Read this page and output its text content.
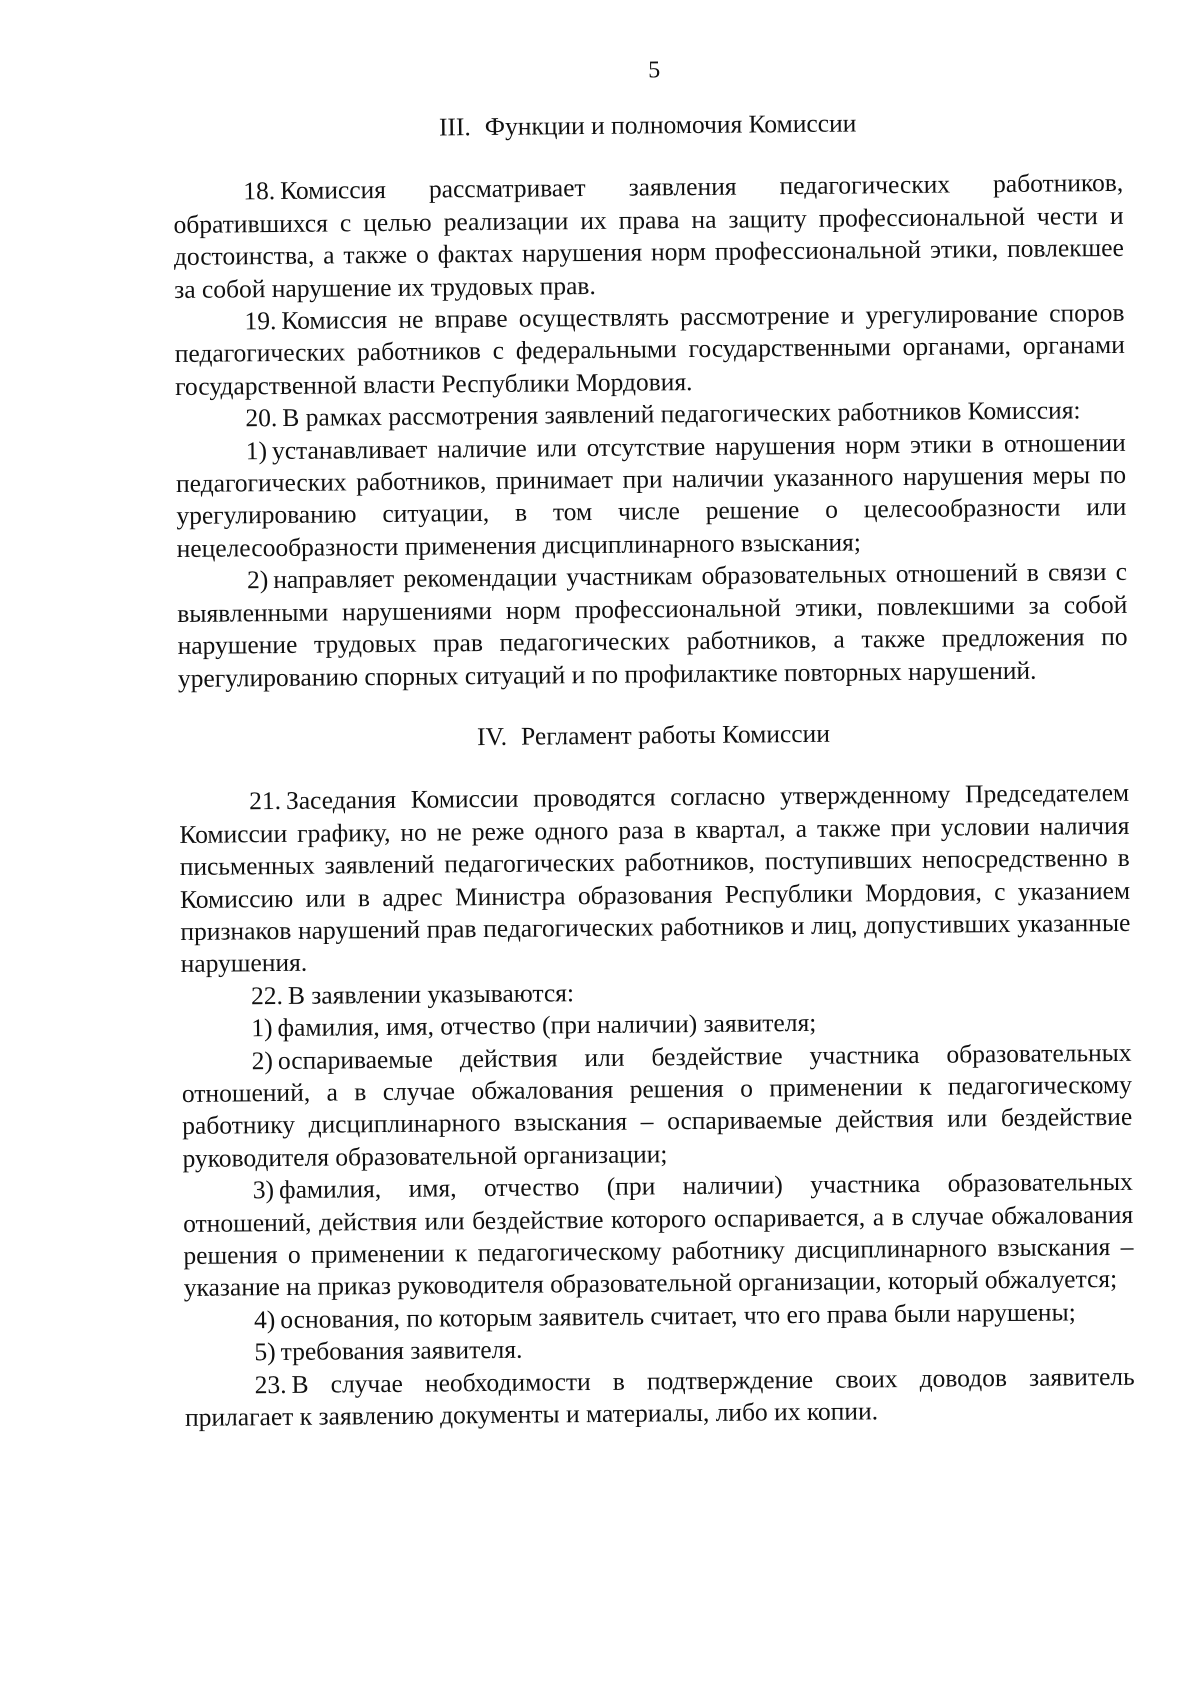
5
III. Функции и полномочия Комиссии

18. Комиссия рассматривает заявления педагогических работников, обратившихся с целью реализации их права на защиту профессиональной чести и достоинства, а также о фактах нарушения норм профессиональной этики, повлекшее за собой нарушение их трудовых прав.

19. Комиссия не вправе осуществлять рассмотрение и урегулирование споров педагогических работников с федеральными государственными органами, органами государственной власти Республики Мордовия.

20. В рамках рассмотрения заявлений педагогических работников Комиссия:

1) устанавливает наличие или отсутствие нарушения норм этики в отношении педагогических работников, принимает при наличии указанного нарушения меры по урегулированию ситуации, в том числе решение о целесообразности или нецелесообразности применения дисциплинарного взыскания;

2) направляет рекомендации участникам образовательных отношений в связи с выявленными нарушениями норм профессиональной этики, повлекшими за собой нарушение трудовых прав педагогических работников, а также предложения по урегулированию спорных ситуаций и по профилактике повторных нарушений.

IV. Регламент работы Комиссии

21. Заседания Комиссии проводятся согласно утвержденному Председателем Комиссии графику, но не реже одного раза в квартал, а также при условии наличия письменных заявлений педагогических работников, поступивших непосредственно в Комиссию или в адрес Министра образования Республики Мордовия, с указанием признаков нарушений прав педагогических работников и лиц, допустивших указанные нарушения.

22. В заявлении указываются:

1) фамилия, имя, отчество (при наличии) заявителя;

2) оспариваемые действия или бездействие участника образовательных отношений, а в случае обжалования решения о применении к педагогическому работнику дисциплинарного взыскания – оспариваемые действия или бездействие руководителя образовательной организации;

3) фамилия, имя, отчество (при наличии) участника образовательных отношений, действия или бездействие которого оспаривается, а в случае обжалования решения о применении к педагогическому работнику дисциплинарного взыскания – указание на приказ руководителя образовательной организации, который обжалуется;

4) основания, по которым заявитель считает, что его права были нарушены;

5) требования заявителя.

23. В случае необходимости в подтверждение своих доводов заявитель прилагает к заявлению документы и материалы, либо их копии.
